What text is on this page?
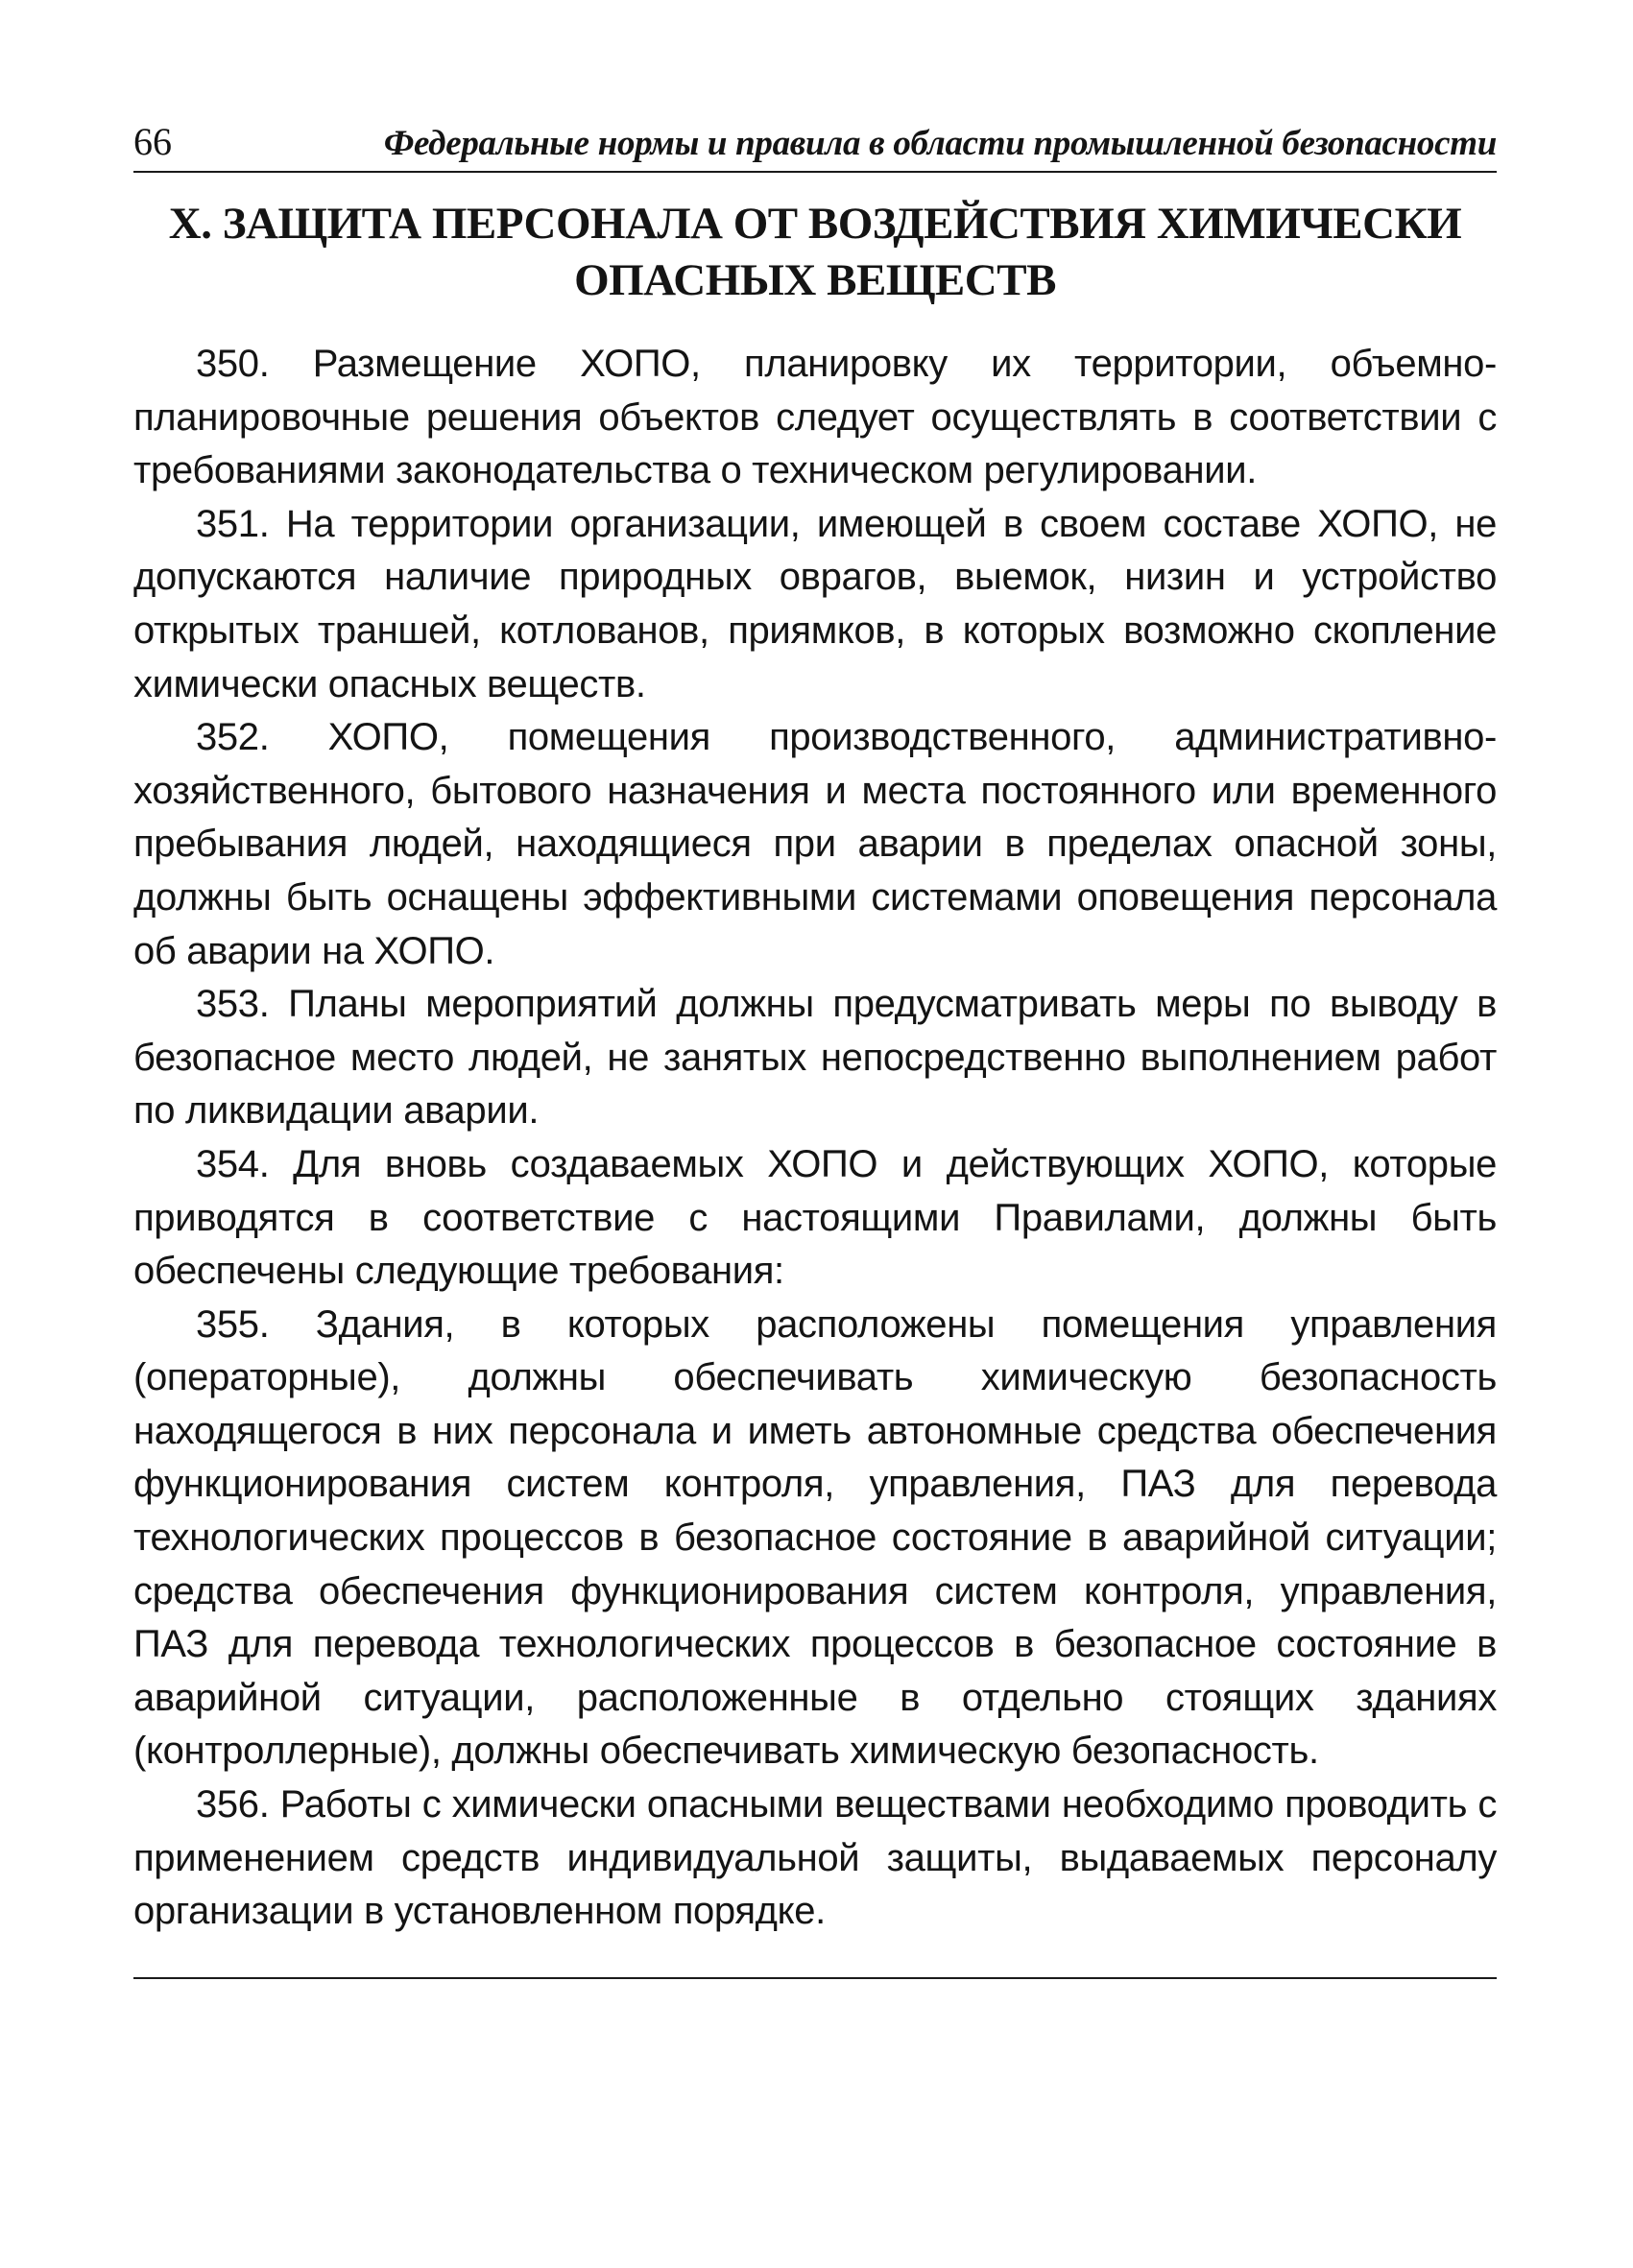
66	Федеральные нормы и правила в области промышленной безопасности
X. ЗАЩИТА ПЕРСОНАЛА ОТ ВОЗДЕЙСТВИЯ ХИМИЧЕСКИ
ОПАСНЫХ ВЕЩЕСТВ

350. Размещение ХОПО, планировку их территории, объемно-планировочные решения объектов следует осуществлять в соответствии с требованиями законодательства о техническом регулировании.

351. На территории организации, имеющей в своем составе ХОПО, не допускаются наличие природных оврагов, выемок, низин и устройство открытых траншей, котлованов, приямков, в которых возможно скопление химически опасных веществ.

352. ХОПО, помещения производственного, административно-хозяйственного, бытового назначения и места постоянного или временного пребывания людей, находящиеся при аварии в пределах опасной зоны, должны быть оснащены эффективными системами оповещения персонала об аварии на ХОПО.

353. Планы мероприятий должны предусматривать меры по выводу в безопасное место людей, не занятых непосредственно выполнением работ по ликвидации аварии.

354. Для вновь создаваемых ХОПО и действующих ХОПО, которые приводятся в соответствие с настоящими Правилами, должны быть обеспечены следующие требования:

355. Здания, в которых расположены помещения управления (операторные), должны обеспечивать химическую безопасность находящегося в них персонала и иметь автономные средства обеспечения функционирования систем контроля, управления, ПАЗ для перевода технологических процессов в безопасное состояние в аварийной ситуации; средства обеспечения функционирования систем контроля, управления, ПАЗ для перевода технологических процессов в безопасное состояние в аварийной ситуации, расположенные в отдельно стоящих зданиях (контроллерные), должны обеспечивать химическую безопасность.

356. Работы с химически опасными веществами необходимо проводить с применением средств индивидуальной защиты, выдаваемых персоналу организации в установленном порядке.
